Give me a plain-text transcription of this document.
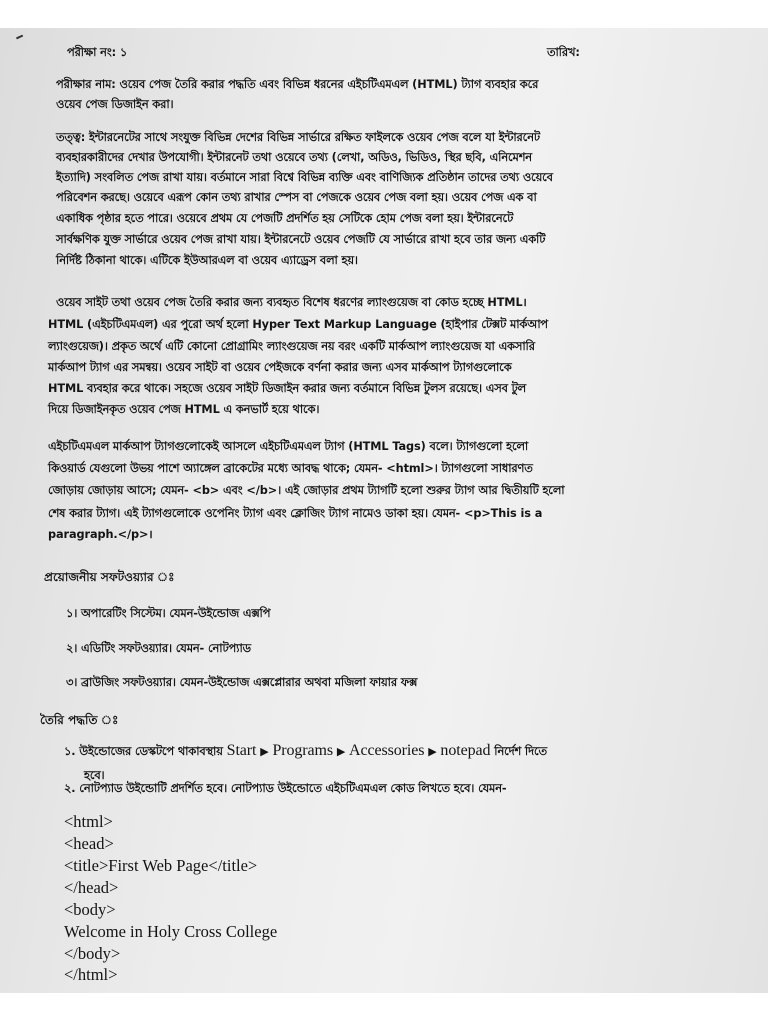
পরীক্ষা নং: ১	তারিখ:
পরীক্ষার নাম: ওয়েব পেজ তৈরি করার পদ্ধতি এবং বিভিন্ন ধরনের এইচটিএমএল (HTML) ট্যাগ ব্যবহার করে
ওয়েব পেজ ডিজাইন করা।
তত্ত্ব: ইন্টারনেটের সাথে সংযুক্ত বিভিন্ন দেশের বিভিন্ন সার্ভারে রক্ষিত ফাইলকে ওয়েব পেজ বলে যা ইন্টারনেট
ব্যবহারকারীদের দেখার উপযোগী। ইন্টারনেট তথা ওয়েবে তথ্য (লেখা, অডিও, ভিডিও, স্থির ছবি, এনিমেশন
ইত্যাদি) সংবলিত পেজ রাখা যায়। বর্তমানে সারা বিশ্বে বিভিন্ন ব্যক্তি এবং বাণিজ্যিক প্রতিষ্ঠান তাদের তথ্য ওয়েবে
পরিবেশন করছে। ওয়েবে এরূপ কোন তথ্য রাখার স্পেস বা পেজকে ওয়েব পেজ বলা হয়। ওয়েব পেজ এক বা
একাধিক পৃষ্ঠার হতে পারে। ওয়েবে প্রথম যে পেজটি প্রদর্শিত হয় সেটিকে হোম পেজ বলা হয়। ইন্টারনেটে
সার্বক্ষণিক যুক্ত সার্ভারে ওয়েব পেজ রাখা যায়। ইন্টারনেটে ওয়েব পেজটি যে সার্ভারে রাখা হবে তার জন্য একটি
নির্দিষ্ট ঠিকানা থাকে। এটিকে ইউআরএল বা ওয়েব এ্যাড্রেস বলা হয়।
ওয়েব সাইট তথা ওয়েব পেজ তৈরি করার জন্য ব্যবহৃত বিশেষ ধরণের ল্যাংগুয়েজ বা কোড হচ্ছে HTML।
HTML (এইচটিএমএল) এর পুরো অর্থ হলো Hyper Text Markup Language (হাইপার টেক্সট মার্কআপ
ল্যাংগুয়েজ)। প্রকৃত অর্থে এটি কোনো প্রোগ্রামিং ল্যাংগুয়েজ নয় বরং একটি মার্কআপ ল্যাংগুয়েজ যা একসারি
মার্কআপ ট্যাগ এর সমন্বয়। ওয়েব সাইট বা ওয়েব পেইজকে বর্ণনা করার জন্য এসব মার্কআপ ট্যাগগুলোকে
HTML ব্যবহার করে থাকে। সহজে ওয়েব সাইট ডিজাইন করার জন্য বর্তমানে বিভিন্ন টুলস রয়েছে। এসব টুল
দিয়ে ডিজাইনকৃত ওয়েব পেজ HTML এ কনভার্ট হয়ে থাকে।
এইচটিএমএল মার্কআপ ট্যাগগুলোকেই আসলে এইচটিএমএল ট্যাগ (HTML Tags) বলে। ট্যাগগুলো হলো
কিওয়ার্ড যেগুলো উভয় পাশে অ্যাঙ্গেল ব্রাকেটের মধ্যে আবদ্ধ থাকে; যেমন- <html>। ট্যাগগুলো সাধারণত
জোড়ায় জোড়ায় আসে; যেমন- <b> এবং </b>। এই জোড়ার প্রথম ট্যাগটি হলো শুরুর ট্যাগ আর দ্বিতীয়টি হলো
শেষ করার ট্যাগ। এই ট্যাগগুলোকে ওপেনিং ট্যাগ এবং ক্লোজিং ট্যাগ নামেও ডাকা হয়। যেমন- <p>This is a
paragraph.</p>।
প্রয়োজনীয় সফটওয়্যার ঃ
১। অপারেটিং সিস্টেম। যেমন-উইন্ডোজ এক্সপি
২। এডিটিং সফটওয়্যার। যেমন- নোটপ্যাড
৩। ব্রাউজিং সফটওয়্যার। যেমন-উইন্ডোজ এক্সপ্লোরার অথবা মজিলা ফায়ার ফক্স
তৈরি পদ্ধতি ঃ
১. উইন্ডোজের ডেস্কটপে থাকাবস্থায় Start ▶ Programs ▶ Accessories ▶ notepad নির্দেশ দিতে
হবে।
২. নোটপ্যাড উইন্ডোটি প্রদর্শিত হবে। নোটপ্যাড উইন্ডোতে এইচটিএমএল কোড লিখতে হবে। যেমন-
<html>
<head>
<title>First Web Page</title>
</head>
<body>
Welcome in Holy Cross College
</body>
</html>
